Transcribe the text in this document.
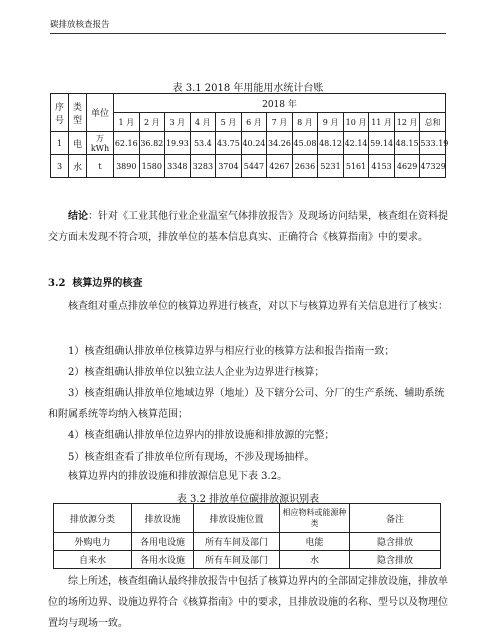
碳排放核查报告
表 3.1 2018 年用能用水统计台账
序号	类型	单位	2018 年												
			1 月	2 月	3 月	4 月	5 月	6 月	7 月	8 月	9 月	10 月	11 月	12 月	总和
1	电	万 kWh	62.16	36.82	19.93	53.4	43.75	40.24	34.26	45.08	48.12	42.14	59.14	48.15	533.19
3	水	t	3890	1580	3348	3283	3704	5447	4267	2636	5231	5161	4153	4629	47329
结论：针对《工业其他行业企业温室气体排放报告》及现场访问结果，核查组在资料提交方面未发现不符合项，排放单位的基本信息真实、正确符合《核算指南》中的要求。
3.2 核算边界的核查
核查组对重点排放单位的核算边界进行核查，对以下与核算边界有关信息进行了核实：
1）核查组确认排放单位核算边界与相应行业的核算方法和报告指南一致；
2）核查组确认排放单位以独立法人企业为边界进行核算；
3）核查组确认排放单位地域边界（地址）及下辖分公司、分厂的生产系统、辅助系统和附属系统等均纳入核算范围；
4）核查组确认排放单位边界内的排放设施和排放源的完整；
5）核查组查看了排放单位所有现场，不涉及现场抽样。
核算边界内的排放设施和排放源信息见下表 3.2。
表 3.2 排放单位碳排放源识别表
排放源分类	排放设施	排放设施位置	相应物料或能源种类	备注
外购电力	各用电设施	所有车间及部门	电能	隐含排放
自来水	各用水设施	所有车间及部门	水	隐含排放
综上所述，核查组确认最终排放报告中包括了核算边界内的全部固定排放设施，排放单位的场所边界、设施边界符合《核算指南》中的要求，且排放设施的名称、型号以及物理位置均与现场一致。
